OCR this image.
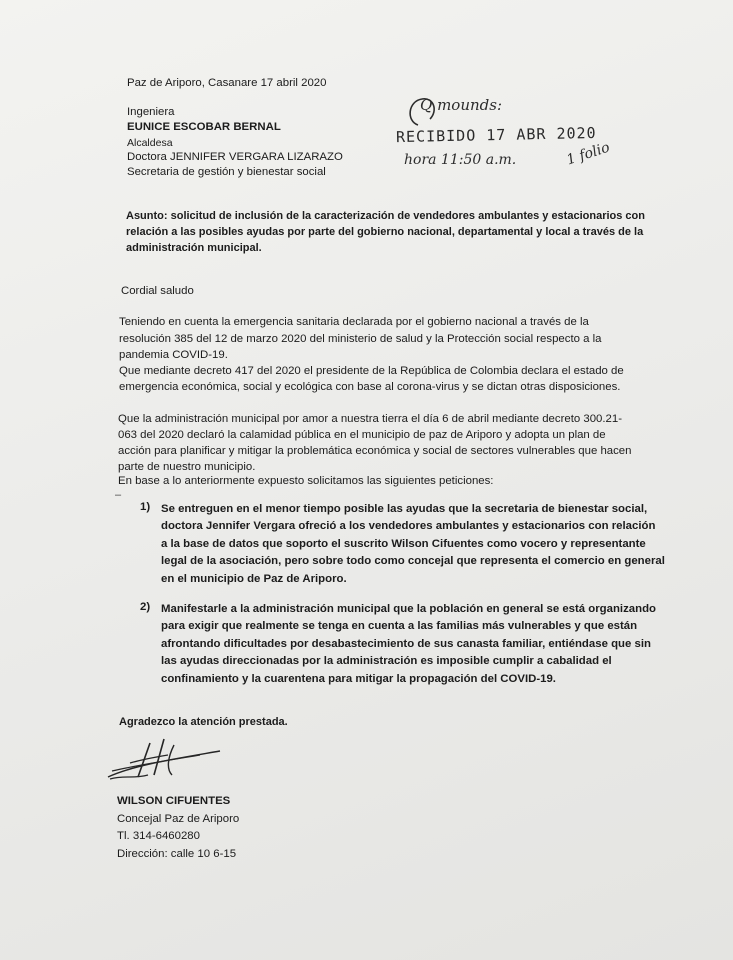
Paz de Ariporo, Casanare 17 abril 2020
Ingeniera
EUNICE ESCOBAR BERNAL
Alcaldesa
Doctora JENNIFER VERGARA LIZARAZO
Secretaria de gestión y bienestar social
Q mounds:
RECIBIDO 17 ABR 2020
hora 11:50 a.m.	1 folio
Asunto: solicitud de inclusión de la caracterización de vendedores ambulantes y estacionarios con
relación a las posibles ayudas por parte del gobierno nacional, departamental y local a través de la
administración municipal.
Cordial saludo
Teniendo en cuenta la emergencia sanitaria declarada por el gobierno nacional a través de la
resolución 385 del 12 de marzo 2020 del ministerio de salud y la Protección social respecto a la
pandemia COVID-19.
Que mediante decreto 417 del 2020 el presidente de la República de Colombia declara el estado de
emergencia económica, social y ecológica con base al corona-virus y se dictan otras disposiciones.
Que la administración municipal por amor a nuestra tierra el día 6 de abril mediante decreto 300.21-
063 del 2020 declaró la calamidad pública en el municipio de paz de Ariporo y adopta un plan de
acción para planificar y mitigar la problemática económica y social de sectores vulnerables que hacen
parte de nuestro municipio.
En base a lo anteriormente expuesto solicitamos las siguientes peticiones:
–
1) Se entreguen en el menor tiempo posible las ayudas que la secretaria de bienestar social,
doctora Jennifer Vergara ofreció a los vendedores ambulantes y estacionarios con relación
a la base de datos que soporto el suscrito Wilson Cifuentes como vocero y representante
legal de la asociación, pero sobre todo como concejal que representa el comercio en general
en el municipio de Paz de Ariporo.
2) Manifestarle a la administración municipal que la población en general se está organizando
para exigir que realmente se tenga en cuenta a las familias más vulnerables y que están
afrontando dificultades por desabastecimiento de sus canasta familiar, entiéndase que sin
las ayudas direccionadas por la administración es imposible cumplir a cabalidad el
confinamiento y la cuarentena para mitigar la propagación del COVID-19.
Agradezco la atención prestada.
WILSON CIFUENTES
Concejal Paz de Ariporo
Tl. 314-6460280
Dirección: calle 10 6-15
